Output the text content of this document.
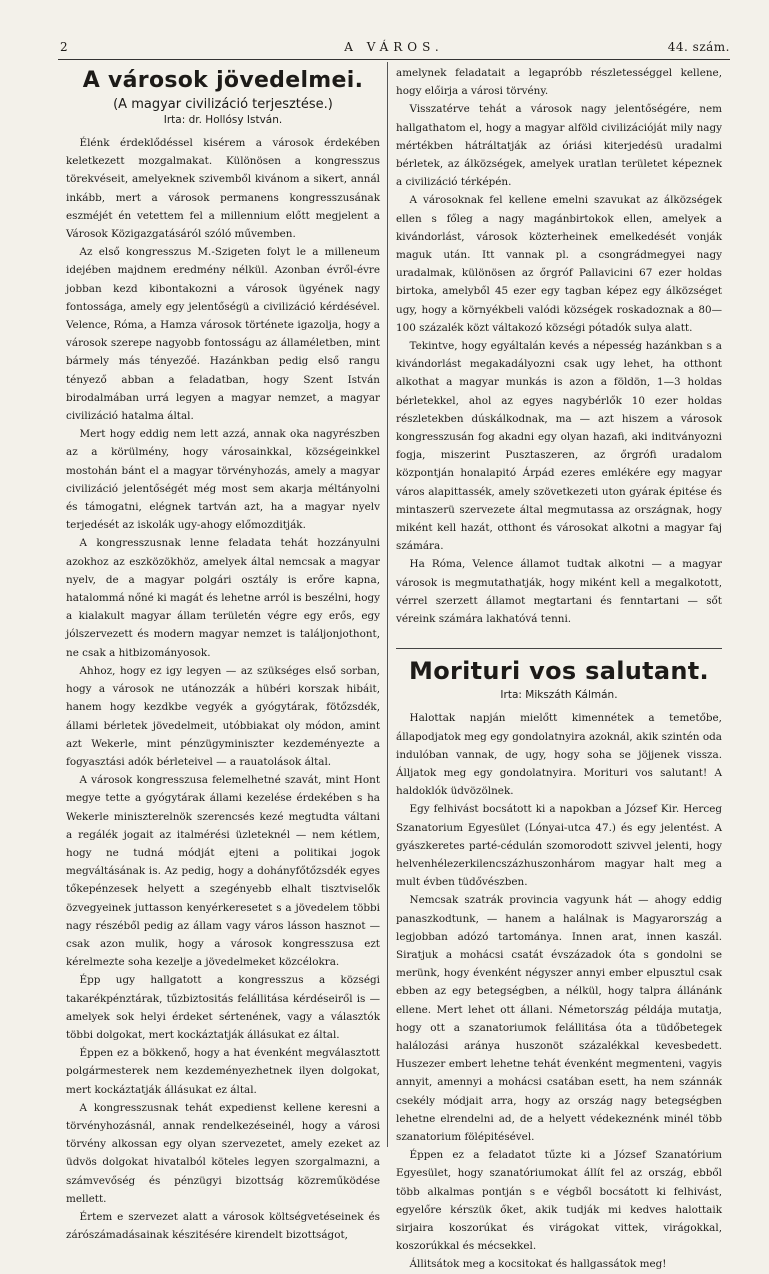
2	A VÁROS.	44. szám.
A városok jövedelmei.
(A magyar civilizáció terjesztése.)
Irta: dr. Hollósy István.

Élénk érdeklődéssel kisérem a városok érdekében keletkezett mozgalmakat. Különösen a kongresszus törekvéseit, amelyeknek szivemből kivánom a sikert, annál inkább, mert a városok permanens kongresszusának eszméjét én vetettem fel a millennium előtt megjelent a Városok Közigazgatásáról szóló művemben.

Az első kongresszus M.-Szigeten folyt le a milleneum idejében majdnem eredmény nélkül. Azonban évről-évre jobban kezd kibontakozni a városok ügyének nagy fontossága, amely egy jelentőségü a civilizáció kérdésével. Velence, Róma, a Hamza városok története igazolja, hogy a városok szerepe nagyobb fontosságu az államéletben, mint bármely más tényezőé. Hazánkban pedig első rangu tényező abban a feladatban, hogy Szent István birodalmában urrá legyen a magyar nemzet, a magyar civilizáció hatalma által.

Mert hogy eddig nem lett azzá, annak oka nagyrészben az a körülmény, hogy városainkkal, községeinkkel mostohán bánt el a magyar törvényhozás, amely a magyar civilizáció jelentőségét még most sem akarja méltányolni és támogatni, elégnek tartván azt, ha a magyar nyelv terjedését az iskolák ugy-ahogy előmozditják.

A kongresszusnak lenne feladata tehát hozzányulni azokhoz az eszközökhöz, amelyek által nemcsak a magyar nyelv, de a magyar polgári osztály is erőre kapna, hatalommá nőné ki magát és lehetne arról is beszélni, hogy a kialakult magyar állam területén végre egy erős, egy jólszervezett és modern magyar nemzet is találjonjothont, ne csak a hitbizományosok.

Ahhoz, hogy ez igy legyen — az szükséges első sorban, hogy a városok ne utánozzák a hübéri korszak hibáit, hanem hogy kezdkbe vegyék a gyógytárak, fötőzsdék, állami bérletek jövedelmeit, utóbbiakat oly módon, amint azt Wekerle, mint pénzügyminiszter kezdeményezte a fogyasztási adók bérleteivel — a rauatolások által.

A városok kongresszusa felemelhetné szavát, mint Hont megye tette a gyógytárak állami kezelése érdekében s ha Wekerle miniszterelnök szerencsés kezé megtudta váltani a regálék jogait az italmérési üzleteknél — nem kétlem, hogy ne tudná módját ejteni a politikai jogok megváltásának is. Az pedig, hogy a dohányfőtőzsdék egyes tőkepénzesek helyett a szegényebb elhalt tisztviselők özvegyeinek juttasson kenyérkeresetet s a jövedelem többi nagy részéből pedig az állam vagy város lásson hasznot — csak azon mulik, hogy a városok kongresszusa ezt kérelmezte soha kezelje a jövedelmeket közcélokra.

Épp ugy hallgatott a kongresszus a községi takarékpénztárak, tűzbiztositás felállitása kérdéseiről is — amelyek sok helyi érdeket sértenének, vagy a választók többi dolgokat, mert kockáztatják állásukat ez által.

Éppen ez a bökkenő, hogy a hat évenként megválasztott polgármesterek nem kezdeményezhetnek ilyen dolgokat, mert kockáztatják állásukat ez által.

A kongresszusnak tehát expedienst kellene keresni a törvényhozásnál, annak rendelkezéseinél, hogy a városi törvény alkossan egy olyan szervezetet, amely ezeket az üdvös dolgokat hivatalból köteles legyen szorgalmazni, a számvevőség és pénzügyi bizottság közreműködése mellett.

Értem e szervezet alatt a városok költségvetéseinek és zárószámadásainak készitésére kirendelt bizottságot,

amelynek feladatait a legapróbb részletességgel kellene, hogy előirja a városi törvény.

Visszatérve tehát a városok nagy jelentőségére, nem hallgathatom el, hogy a magyar alföld civilizációját mily nagy mértékben hátráltatják az óriási kiterjedésü uradalmi bérletek, az álközségek, amelyek uratlan területet képeznek a civilizáció térképén.

A városoknak fel kellene emelni szavukat az álközségek ellen s főleg a nagy magánbirtokok ellen, amelyek a kivándorlást, városok közterheinek emelkedését vonják maguk után. Itt vannak pl. a csongrádmegyei nagy uradalmak, különösen az őrgróf Pallavicini 67 ezer holdas birtoka, amelyből 45 ezer egy tagban képez egy álközséget ugy, hogy a környékbeli valódi községek roskadoznak a 80—100 százalék közt váltakozó községi pótadók sulya alatt.

Tekintve, hogy egyáltalán kevés a népesség hazánkban s a kivándorlást megakadályozni csak ugy lehet, ha otthont alkothat a magyar munkás is azon a földön, 1—3 holdas bérletekkel, ahol az egyes nagybérlők 10 ezer holdas részletekben dúskálkodnak, ma — azt hiszem a városok kongresszusán fog akadni egy olyan hazafi, aki inditványozni fogja, miszerint Pusztaszeren, az őrgrófi uradalom központján honalapitó Árpád ezeres emlékére egy magyar város alapittassék, amely szövetkezeti uton gyárak épitése és mintaszerü szervezete által megmutassa az országnak, hogy miként kell hazát, otthont és városokat alkotni a magyar faj számára.

Ha Róma, Velence államot tudtak alkotni — a magyar városok is megmutathatják, hogy miként kell a megalkotott, vérrel szerzett államot megtartani és fenntartani — sőt véreink számára lakhatóvá tenni.

Morituri vos salutant.
Irta: Mikszáth Kálmán.

Halottak napján mielőtt kimennétek a temetőbe, állapodjatok meg egy gondolatnyira azoknál, akik szintén oda indulóban vannak, de ugy, hogy soha se jöjjenek vissza. Álljatok meg egy gondolatnyira. Morituri vos salutant! A haldoklók üdvözölnek.

Egy felhivást bocsátott ki a napokban a József Kir. Herceg Szanatorium Egyesület (Lónyai-utca 47.) és egy jelentést. A gyászkeretes parté-cédulán szomorodott szivvel jelenti, hogy helvenhélezerkilencszázhuszonhárom magyar halt meg a mult évben tüdővészben.

Nemcsak szatrák provincia vagyunk hát — ahogy eddig panaszkodtunk, — hanem a halálnak is Magyarország a legjobban adózó tartománya. Innen arat, innen kaszál. Siratjuk a mohácsi csatát évszázadok óta s gondolni se merünk, hogy évenként négyszer annyi ember elpusztul csak ebben az egy betegségben, a nélkül, hogy talpra állánánk ellene. Mert lehet ott állani. Németország példája mutatja, hogy ott a szanatoriumok felállitása óta a tüdőbetegek halálozási aránya huszonöt százalékkal kevesbedett. Huszezer embert lehetne tehát évenként megmenteni, vagyis annyit, amennyi a mohácsi csatában esett, ha nem szánnák csekély módjait arra, hogy az ország nagy betegségben lehetne elrendelni ad, de a helyett védekeznénk minél több szanatorium fölépitésével.

Éppen ez a feladatot tűzte ki a József Szanatórium Egyesület, hogy szanatóriumokat állít fel az ország, ebből több alkalmas pontján s e végből bocsátott ki felhivást, egyelőre kérszük őket, akik tudják mi kedves halottaik sirjaira koszorúkat és virágokat vittek, virágokkal, koszorúkkal és mécsekkel.

Állitsátok meg a kocsitokat és hallgassátok meg!
